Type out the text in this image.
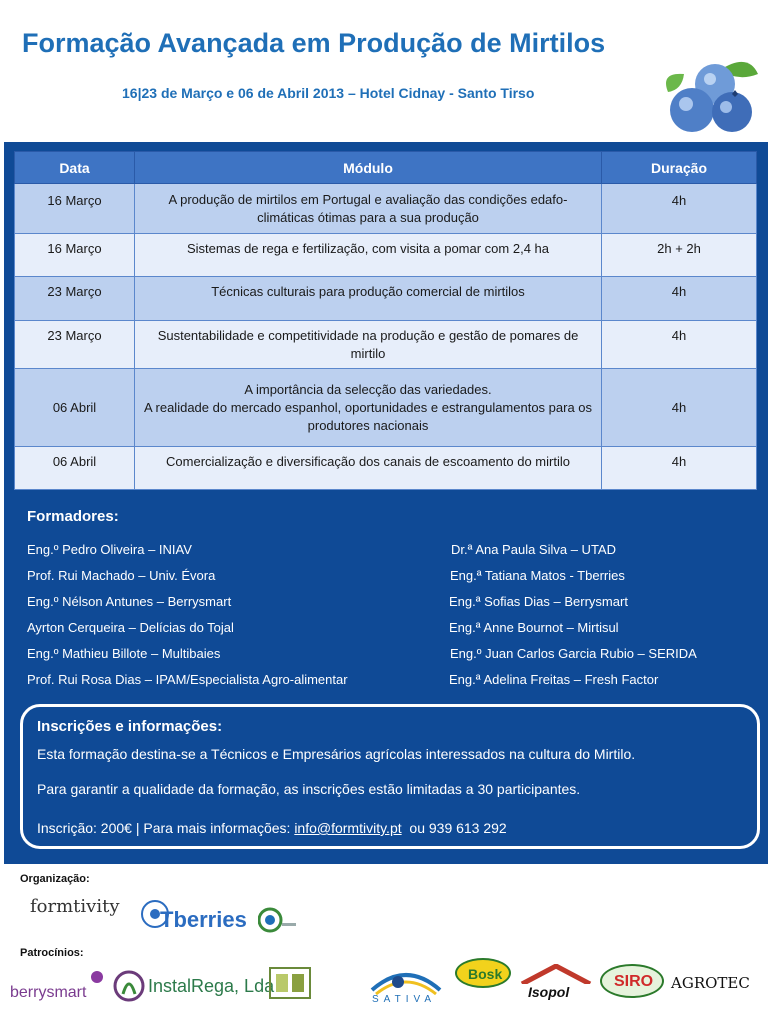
Formação Avançada em Produção de Mirtilos
16|23 de Março e 06 de Abril 2013 – Hotel Cidnay - Santo Tirso
Data	Módulo	Duração
16 Março	A produção de mirtilos em Portugal e avaliação das condições edafo-climáticas ótimas para a sua produção	4h
16 Março	Sistemas de rega e fertilização, com visita a pomar com 2,4 ha	2h + 2h
23 Março	Técnicas culturais para produção comercial de mirtilos	4h
23 Março	Sustentabilidade e competitividade na produção e gestão de pomares de mirtilo	4h
06 Abril	A importância da selecção das variedades.
A realidade do mercado espanhol, oportunidades e estrangulamentos para os produtores nacionais	4h
06 Abril	Comercialização e diversificação dos canais de escoamento do mirtilo	4h
Formadores:
Eng.º Pedro Oliveira – INIAV
Prof. Rui Machado – Univ. Évora
Eng.º Nélson Antunes – Berrysmart
Ayrton Cerqueira – Delícias do Tojal
Eng.º Mathieu Billote – Multibaies
Prof. Rui Rosa Dias – IPAM/Especialista Agro-alimentar
Dr.ª Ana Paula Silva – UTAD
Eng.ª Tatiana Matos - Tberries
Eng.ª Sofias Dias – Berrysmart
Eng.ª Anne Bournot – Mirtisul
Eng.º Juan Carlos Garcia Rubio – SERIDA
Eng.ª Adelina Freitas – Fresh Factor
Inscrições e informações:
Esta formação destina-se a Técnicos e Empresários agrícolas interessados na cultura do Mirtilo.
Para garantir a qualidade da formação, as inscrições estão limitadas a 30 participantes.
Inscrição: 200€ | Para mais informações: info@formtivity.pt  ou 939 613 292
Organização:
formtivity
Tberries
Patrocínios:
berrysmart	InstalRega, Lda
SATIVA
Bosk
Isopol
SIRO AGROTEC
